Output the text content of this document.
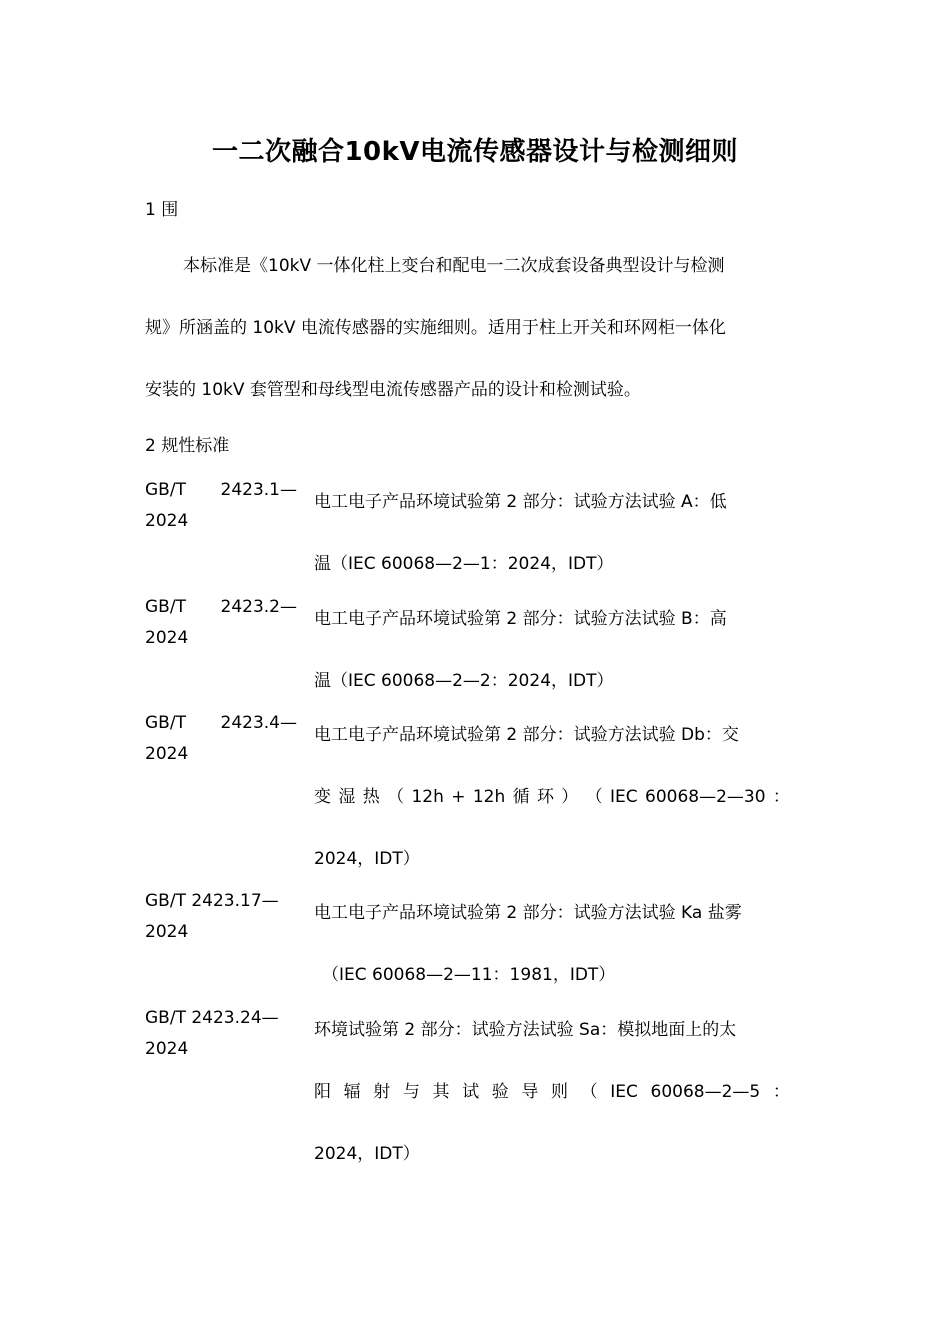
一二次融合10kV电流传感器设计与检测细则
1 围
本标准是《10kV 一体化柱上变台和配电一二次成套设备典型设计与检测
规》所涵盖的 10kV 电流传感器的实施细则。适用于柱上开关和环网柜一体化
安装的 10kV 套管型和母线型电流传感器产品的设计和检测试验。
2 规性标准
GB/T 2423.1—
2024
电工电子产品环境试验第 2 部分：试验方法试验 A：低
温（IEC 60068—2—1：2024，IDT）
GB/T 2423.2—
2024
电工电子产品环境试验第 2 部分：试验方法试验 B：高
温（IEC 60068—2—2：2024，IDT）
GB/T 2423.4—
2024
电工电子产品环境试验第 2 部分：试验方法试验 Db：交
变 湿 热 （ 12h + 12h 循 环 ） （ IEC 60068—2—30 ：
2024，IDT）
GB/T 2423.17—
2024
电工电子产品环境试验第 2 部分：试验方法试验 Ka 盐雾
（IEC 60068—2—11：1981，IDT）
GB/T 2423.24—
2024
环境试验第 2 部分：试验方法试验 Sa：模拟地面上的太
阳 辐 射 与 其 试 验 导 则 （ IEC 60068—2—5 ：
2024，IDT）
